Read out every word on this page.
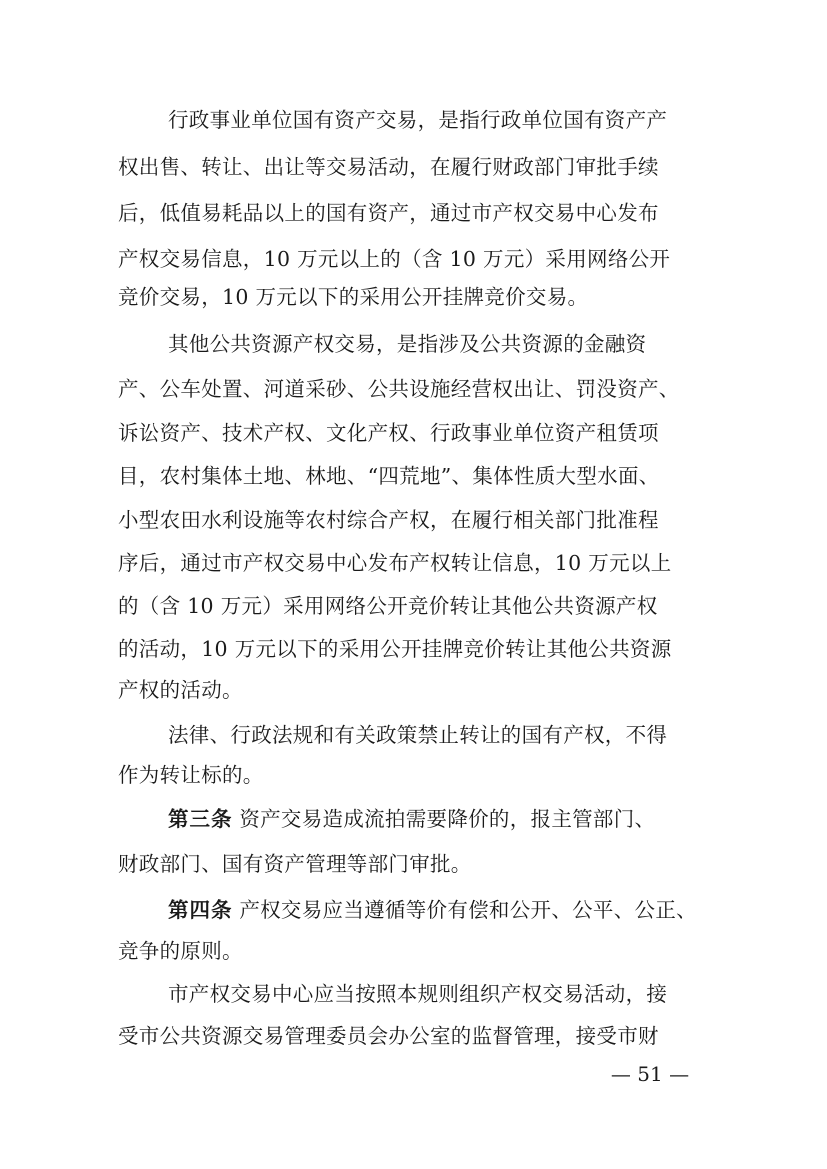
行政事业单位国有资产交易，是指行政单位国有资产产
权出售、转让、出让等交易活动，在履行财政部门审批手续
后，低值易耗品以上的国有资产，通过市产权交易中心发布
产权交易信息，10 万元以上的（含 10 万元）采用网络公开
竞价交易，10 万元以下的采用公开挂牌竞价交易。
其他公共资源产权交易，是指涉及公共资源的金融资
产、公车处置、河道采砂、公共设施经营权出让、罚没资产、
诉讼资产、技术产权、文化产权、行政事业单位资产租赁项
目，农村集体土地、林地、“四荒地”、集体性质大型水面、
小型农田水利设施等农村综合产权，在履行相关部门批准程
序后，通过市产权交易中心发布产权转让信息，10 万元以上
的（含 10 万元）采用网络公开竞价转让其他公共资源产权
的活动，10 万元以下的采用公开挂牌竞价转让其他公共资源
产权的活动。
法律、行政法规和有关政策禁止转让的国有产权，不得
作为转让标的。
第三条 资产交易造成流拍需要降价的，报主管部门、
财政部门、国有资产管理等部门审批。
第四条 产权交易应当遵循等价有偿和公开、公平、公正、
竞争的原则。
市产权交易中心应当按照本规则组织产权交易活动，接
受市公共资源交易管理委员会办公室的监督管理，接受市财
— 51 —
